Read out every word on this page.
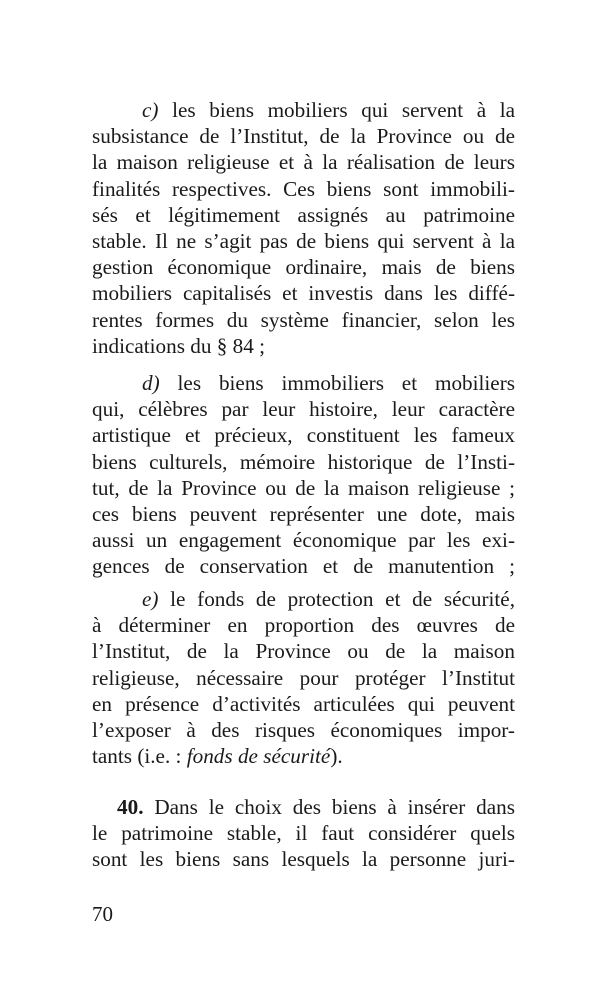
c) les biens mobiliers qui servent à la
subsistance de l’Institut, de la Province ou de
la maison religieuse et à la réalisation de leurs
finalités respectives. Ces biens sont immobili-
sés et légitimement assignés au patrimoine
stable. Il ne s’agit pas de biens qui servent à la
gestion économique ordinaire, mais de biens
mobiliers capitalisés et investis dans les diffé-
rentes formes du système financier, selon les
indications du § 84 ;

d) les biens immobiliers et mobiliers
qui, célèbres par leur histoire, leur caractère
artistique et précieux, constituent les fameux
biens culturels, mémoire historique de l’Insti-
tut, de la Province ou de la maison religieuse ;
ces biens peuvent représenter une dote, mais
aussi un engagement économique par les exi-
gences de conservation et de manutention ;

e) le fonds de protection et de sécurité,
à déterminer en proportion des œuvres de
l’Institut, de la Province ou de la maison
religieuse, nécessaire pour protéger l’Institut
en présence d’activités articulées qui peuvent
l’exposer à des risques économiques impor-
tants (i.e. : fonds de sécurité).

40. Dans le choix des biens à insérer dans
le patrimoine stable, il faut considérer quels
sont les biens sans lesquels la personne juri-

70
